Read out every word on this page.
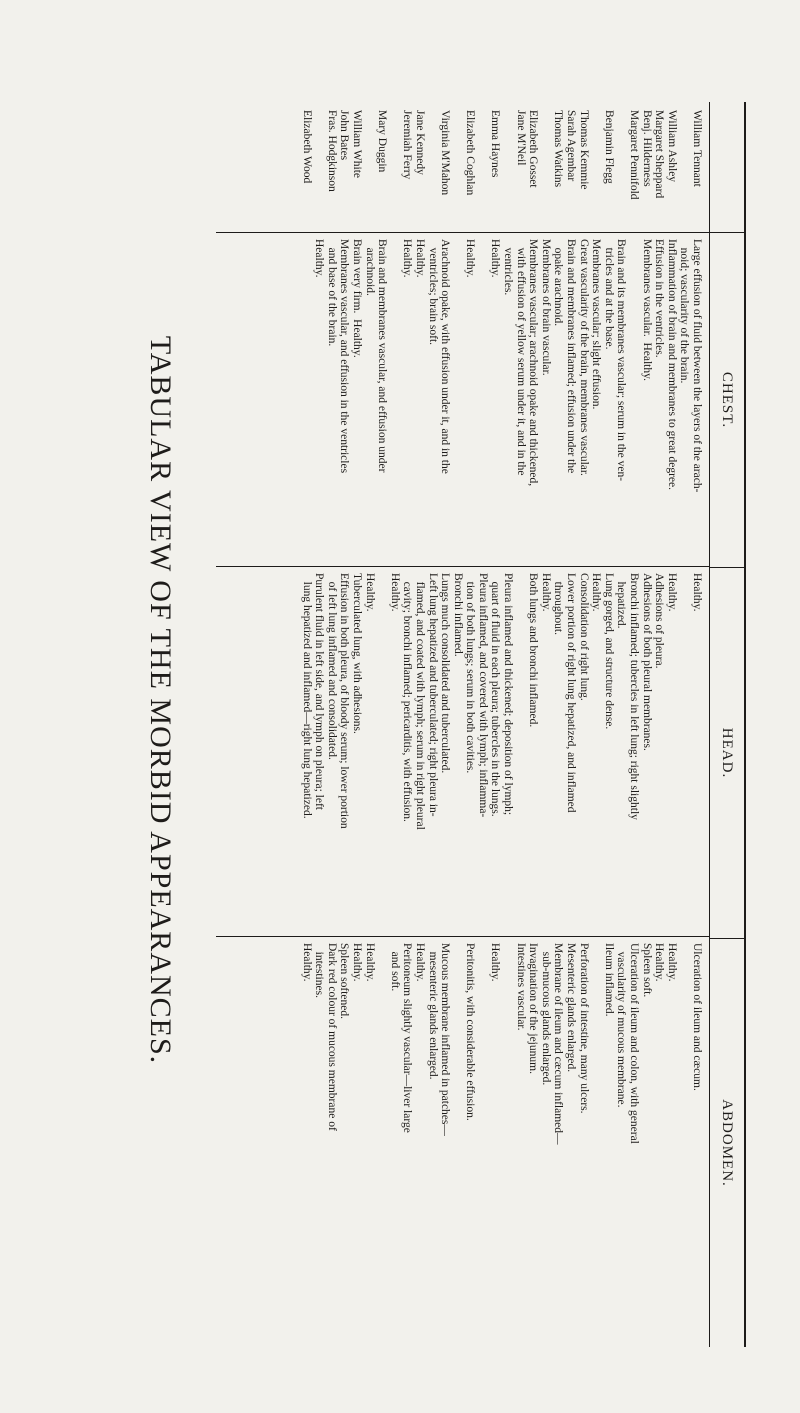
TABULAR VIEW OF THE MORBID APPEARANCES.	CHEST.
HEAD.
ABDOMEN.
William Tennant
William Ashley
Margaret Sheppard
Benj. Hilderness
Margaret Pennifold
Benjamin Flegg
Thomas Kemmie
Sarah Agembar
Thomas Watkins
Elizabeth Gosset
Jane M'Neil
Emma Haynes
Elizabeth Coghlan
Virginia M'Mahon
Jane Kennedy
Jeremiah Ferry
Mary Duggin
William White
John Bates
Fras. Hodgkinson
Elizabeth Wood
Large effusion of fluid between the layers of the arach-
noid; vascularity of the brain.
Inflammation of brain and membranes to great degree.
Effusion in the ventricles.
Membranes vascular.  Healthy.
Brain and its membranes vascular; serum in the ven-
tricles and at the base.
Membranes vascular; slight effusion.
Great vascularity of the brain, membranes vascular.
Brain and membranes inflamed; effusion under the
opake arachnoid.
Membranes of brain vascular.
Membranes vascular; arachnoid opake and thickened,
with effusion of yellow serum under it, and in the
ventricles.
Healthy.
Healthy.
Arachnoid opake, with effusion under it, and in the
ventricles; brain soft.
Healthy.
Healthy.
Brain and membranes vascular, and effusion under
arachnoid.
Brain very firm.  Healthy.
Membranes vascular, and effusion in the ventricles
and base of the brain.
Healthy.
Healthy.
Healthy.
Adhesions of pleura.
Adhesions of both pleural membranes.
Bronchi inflamed; tubercles in left lung; right slightly
hepatized.
Lung gorged, and structure dense.
Healthy.
Consolidation of right lung.
Lower portion of right lung hepatized, and inflamed
throughout.
Healthy.
Both lungs and bronchi inflamed.
Pleura inflamed and thickened; deposition of lymph;
quart of fluid in each pleura; tubercles in the lungs.
Pleura inflamed, and covered with lymph; inflamma-
tion of both lungs; serum in both cavities.
Bronchi inflamed.
Lungs much consolidated and tuberculated.
Left lung hepatized and tuberculated; right pleura in-
flamed, and coated with lymph; serum in right pleural
cavity; bronchi inflamed; pericarditis, with effusion.
Healthy.
Healthy.
Tuberculated lung, with adhesions.
Effusion in both pleura, of bloody serum; lower portion
of left lung inflamed and consolidated.
Purulent fluid in left side, and lymph on pleura; left
lung hepatized and inflamed—right lung hepatized.
Ulceration of ileum and cæcum.
Healthy.
Healthy.
Spleen soft.
Ulceration of ileum and colon, with general
vascularity of mucous membrane.
Ileum inflamed.
Perforation of intestine, many ulcers.
Mesenteric glands enlarged.
Membrane of ileum and cæcum inflamed—
sub-mucous glands enlarged.
Invagination of the jejunum.
Intestines vascular.
Healthy.
Peritonitis, with considerable effusion.
Mucous membrane inflamed in patches—
mesenteric glands enlarged.
Healthy.
Peritoneum slightly vascular—liver large
and soft.
Healthy.
Healthy.
Spleen softened.
Dark red colour of mucous membrane of
intestines.
Healthy.
